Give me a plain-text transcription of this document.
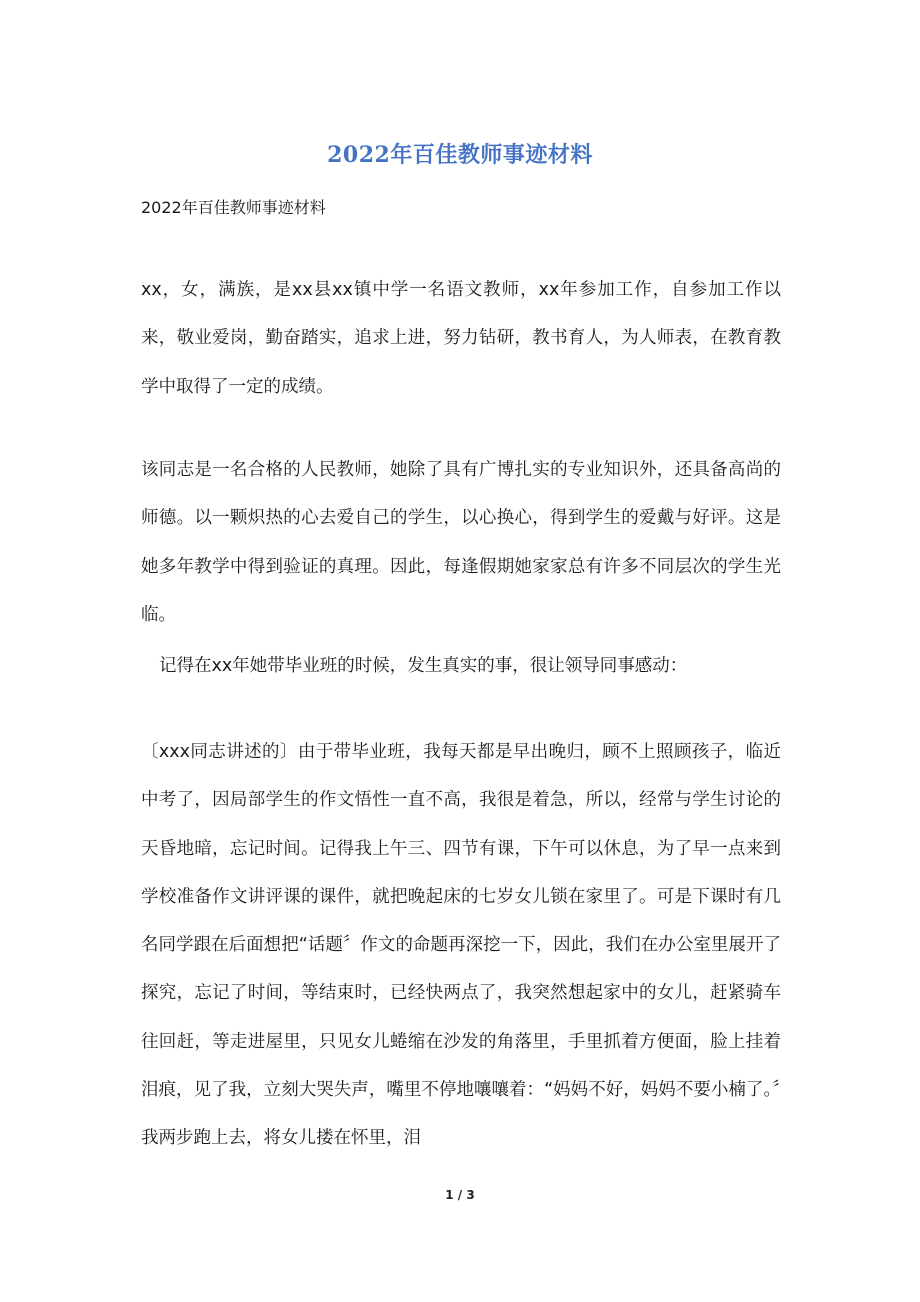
2022年百佳教师事迹材料

2022年百佳教师事迹材料

xx，女，满族，是xx县xx镇中学一名语文教师，xx年参加工作，自参加工作以来，敬业爱岗，勤奋踏实，追求上进，努力钻研，教书育人，为人师表，在教育教学中取得了一定的成绩。

该同志是一名合格的人民教师，她除了具有广博扎实的专业知识外，还具备高尚的师德。以一颗炽热的心去爱自己的学生，以心换心，得到学生的爱戴与好评。这是她多年教学中得到验证的真理。因此，每逢假期她家家总有许多不同层次的学生光临。

记得在xx年她带毕业班的时候，发生真实的事，很让领导同事感动：

〔xxx同志讲述的〕由于带毕业班，我每天都是早出晚归，顾不上照顾孩子，临近中考了，因局部学生的作文悟性一直不高，我很是着急，所以，经常与学生讨论的天昏地暗，忘记时间。记得我上午三、四节有课，下午可以休息，为了早一点来到学校准备作文讲评课的课件，就把晚起床的七岁女儿锁在家里了。可是下课时有几名同学跟在后面想把“话题〞作文的命题再深挖一下，因此，我们在办公室里展开了探究，忘记了时间，等结束时，已经快两点了，我突然想起家中的女儿，赶紧骑车往回赶，等走进屋里，只见女儿蜷缩在沙发的角落里，手里抓着方便面，脸上挂着泪痕，见了我，立刻大哭失声，嘴里不停地嚷嚷着：“妈妈不好，妈妈不要小楠了。〞我两步跑上去，将女儿搂在怀里，泪

1 / 3
